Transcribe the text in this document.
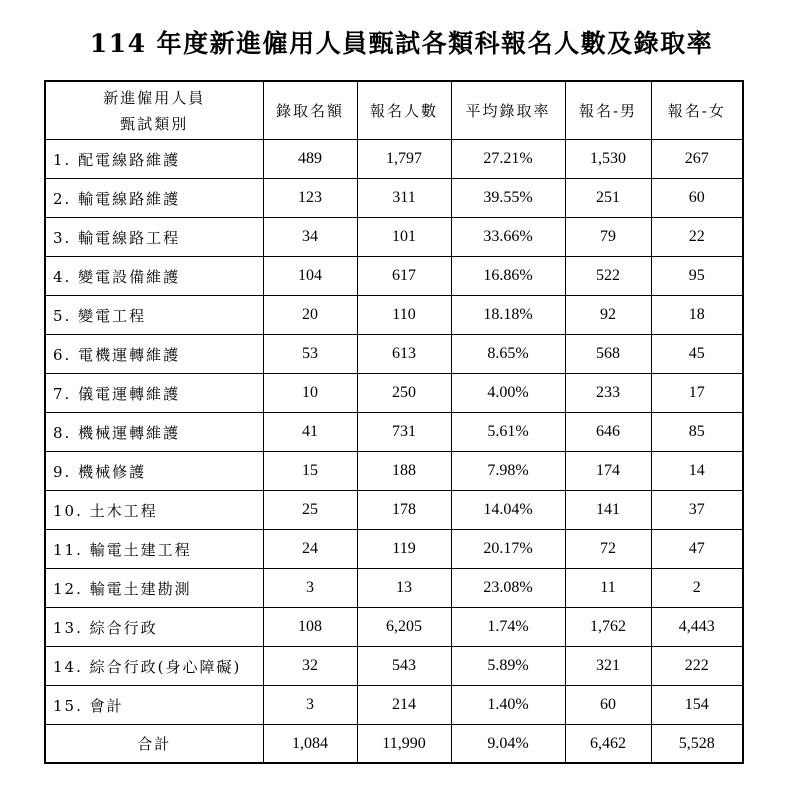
114 年度新進僱用人員甄試各類科報名人數及錄取率
新進僱用人員
甄試類別	錄取名額	報名人數	平均錄取率	報名-男	報名-女
1. 配電線路維護	489	1,797	27.21%	1,530	267
2. 輸電線路維護	123	311	39.55%	251	60
3. 輸電線路工程	34	101	33.66%	79	22
4. 變電設備維護	104	617	16.86%	522	95
5. 變電工程	20	110	18.18%	92	18
6. 電機運轉維護	53	613	8.65%	568	45
7. 儀電運轉維護	10	250	4.00%	233	17
8. 機械運轉維護	41	731	5.61%	646	85
9. 機械修護	15	188	7.98%	174	14
10. 土木工程	25	178	14.04%	141	37
11. 輸電土建工程	24	119	20.17%	72	47
12. 輸電土建勘測	3	13	23.08%	11	2
13. 綜合行政	108	6,205	1.74%	1,762	4,443
14. 綜合行政(身心障礙)	32	543	5.89%	321	222
15. 會計	3	214	1.40%	60	154
合計	1,084	11,990	9.04%	6,462	5,528
